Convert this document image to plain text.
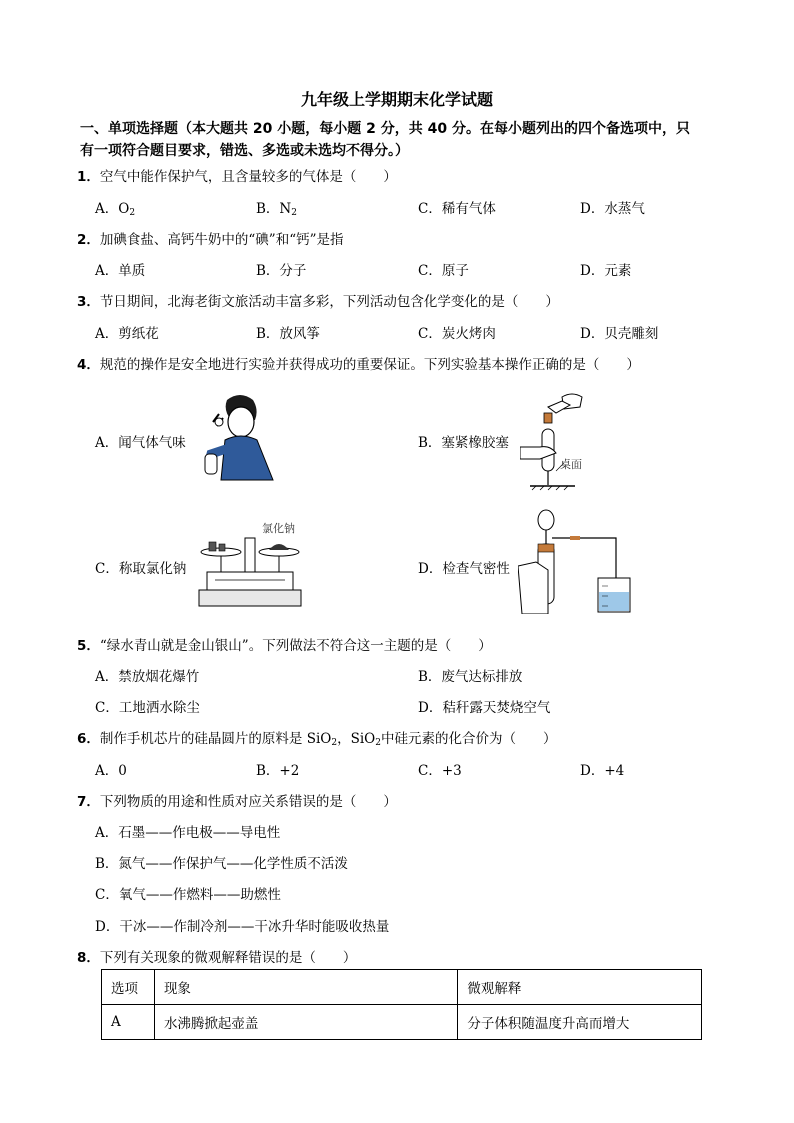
九年级上学期期末化学试题
一、单项选择题（本大题共 20 小题，每小题 2 分，共 40 分。在每小题列出的四个备选项中，只
有一项符合题目要求，错选、多选或未选均不得分。）
1．空气中能作保护气，且含量较多的气体是（　　）
A．$O_2$	B．$N_2$	C．稀有气体	D．水蒸气
2．加碘食盐、高钙牛奶中的“碘”和“钙”是指
A．单质	B．分子	C．原子	D．元素
3．节日期间，北海老街文旅活动丰富多彩，下列活动包含化学变化的是（　　）
A．剪纸花	B．放风筝	C．炭火烤肉	D．贝壳雕刻
4．规范的操作是安全地进行实验并获得成功的重要保证。下列实验基本操作正确的是（　　）
A．闻气体气味	B．塞紧橡胶塞
C．称取氯化钠	D．检查气密性
桌面
氯化钠
5．“绿水青山就是金山银山”。下列做法不符合这一主题的是（　　）
A．禁放烟花爆竹	B．废气达标排放
C．工地洒水除尘	D．秸秆露天焚烧空气
6．制作手机芯片的硅晶圆片的原料是 SiO$_2$，SiO$_2$中硅元素的化合价为（　　）
A．0	B．+2	C．+3	D．+4
7．下列物质的用途和性质对应关系错误的是（　　）
A．石墨——作电极——导电性
B．氮气——作保护气——化学性质不活泼
C．氧气——作燃料——助燃性
D．干冰——作制冷剂——干冰升华时能吸收热量
8．下列有关现象的微观解释错误的是（　　）
选项	现象	微观解释
A	水沸腾掀起壶盖	分子体积随温度升高而增大
